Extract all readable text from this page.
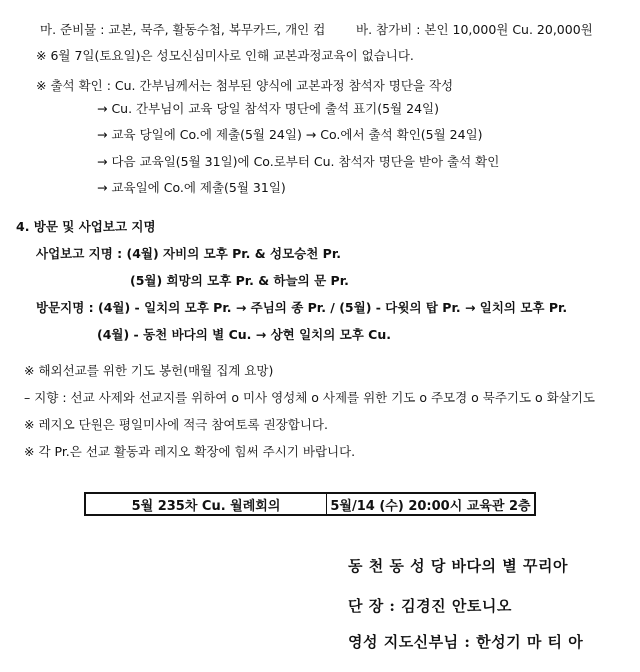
마. 준비물 : 교본, 묵주, 활동수첩, 복무카드, 개인 컵 바. 참가비 : 본인 10,000원 Cu. 20,000원
※ 6월 7일(토요일)은 성모신심미사로 인해 교본과정교육이 없습니다.
※ 출석 확인 : Cu. 간부님께서는 첨부된 양식에 교본과정 참석자 명단을 작성
→ Cu. 간부님이 교육 당일 참석자 명단에 출석 표기(5월 24일)
→ 교육 당일에 Co.에 제출(5월 24일) → Co.에서 출석 확인(5월 24일)
→ 다음 교육일(5월 31일)에 Co.로부터 Cu. 참석자 명단을 받아 출석 확인
→ 교육일에 Co.에 제출(5월 31일)
4. 방문 및 사업보고 지명
사업보고 지명 : (4월) 자비의 모후 Pr. & 성모승천 Pr.
(5월) 희망의 모후 Pr. & 하늘의 문 Pr.
방문지명 : (4월) - 일치의 모후 Pr. → 주님의 종 Pr. / (5월) - 다윗의 탑 Pr. → 일치의 모후 Pr.
(4월) - 동천 바다의 별 Cu. → 상현 일치의 모후 Cu.
※ 해외선교를 위한 기도 봉헌(매월 집계 요망)
– 지향 : 선교 사제와 선교지를 위하여 o 미사 영성체 o 사제를 위한 기도 o 주모경 o 묵주기도 o 화살기도
※ 레지오 단원은 평일미사에 적극 참여토록 권장합니다.
※ 각 Pr.은 선교 활동과 레지오 확장에 힘써 주시기 바랍니다.
5월 235차 Cu. 월례회의	5월/14 (수) 20:00시 교육관 2층
동 천 동 성 당 바다의 별 꾸리아
단 장 : 김경진 안토니오
영성 지도신부님 : 한성기 마 티 아
